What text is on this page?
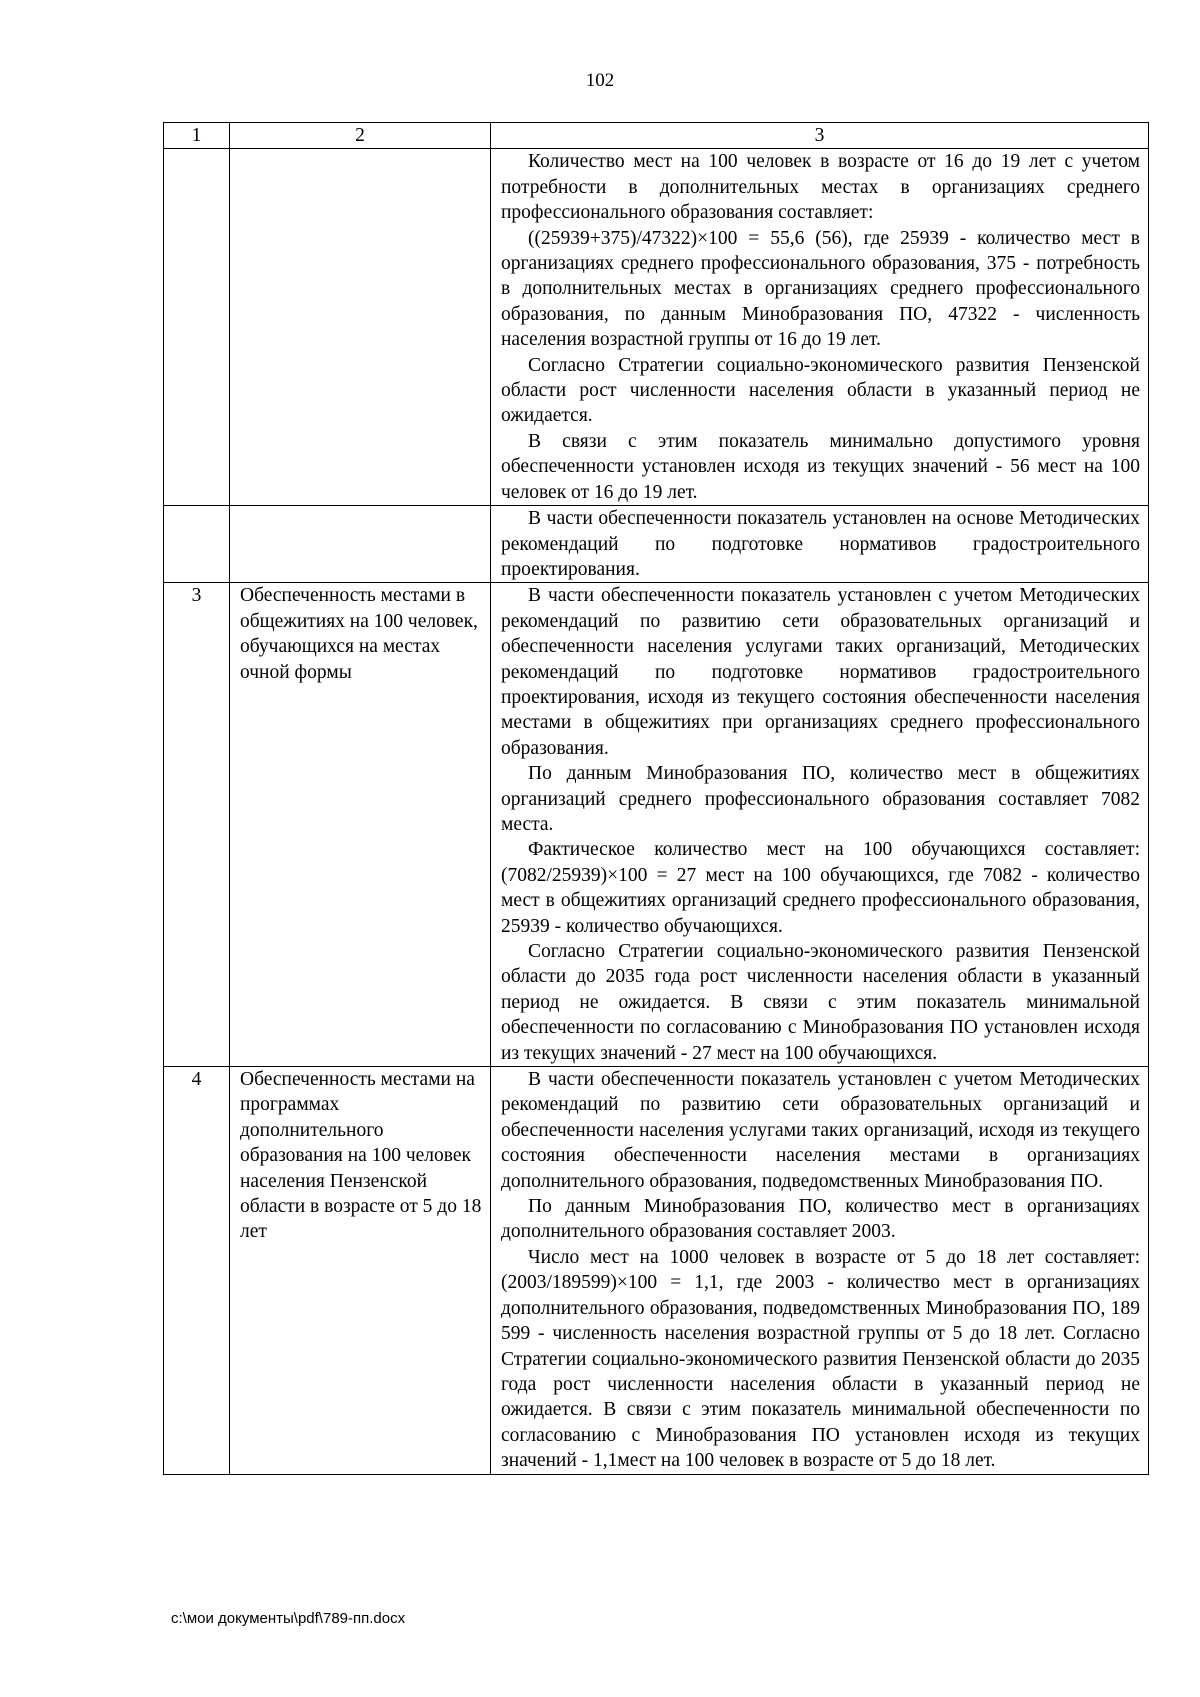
102
1	2	3

		Количество мест на 100 человек в возрасте от 16 до 19 лет с учетом потребности в дополнительных местах в организациях среднего профессионального образования составляет:

((25939+375)/47322)×100 = 55,6 (56), где 25939 - количество мест в организациях среднего профессионального образования, 375 - потребность в дополнительных местах в организациях среднего профессионального образования, по данным Минобразования ПО, 47322 - численность населения возрастной группы от 16 до 19 лет.

Согласно Стратегии социально-экономического развития Пензенской области рост численности населения области в указанный период не ожидается.

В связи с этим показатель минимально допустимого уровня обеспеченности установлен исходя из текущих значений - 56 мест на 100 человек от 16 до 19 лет.

		В части обеспеченности показатель установлен на основе Методических рекомендаций по подготовке нормативов градостроительного проектирования.

3	Обеспеченность местами в общежитиях на 100 человек, обучающихся на местах очной формы	В части обеспеченности показатель установлен с учетом Методических рекомендаций по развитию сети образовательных организаций и обеспеченности населения услугами таких организаций, Методических рекомендаций по подготовке нормативов градостроительного проектирования, исходя из текущего состояния обеспеченности населения местами в общежитиях при организациях среднего профессионального образования.

По данным Минобразования ПО, количество мест в общежитиях организаций среднего профессионального образования составляет 7082 места.

Фактическое количество мест на 100 обучающихся составляет: (7082/25939)×100 = 27 мест на 100 обучающихся, где 7082 - количество мест в общежитиях организаций среднего профессионального образования, 25939 - количество обучающихся.

Согласно Стратегии социально-экономического развития Пензенской области до 2035 года рост численности населения области в указанный период не ожидается. В связи с этим показатель минимальной обеспеченности по согласованию с Минобразования ПО установлен исходя из текущих значений - 27 мест на 100 обучающихся.

4	Обеспеченность местами на программах дополнительного образования на 100 человек населения Пензенской области в возрасте от 5 до 18 лет	В части обеспеченности показатель установлен с учетом Методических рекомендаций по развитию сети образовательных организаций и обеспеченности населения услугами таких организаций, исходя из текущего состояния обеспеченности населения местами в организациях дополнительного образования, подведомственных Минобразования ПО.

По данным Минобразования ПО, количество мест в организациях дополнительного образования составляет 2003.

Число мест на 1000 человек в возрасте от 5 до 18 лет составляет: (2003/189599)×100 = 1,1, где 2003 - количество мест в организациях дополнительного образования, подведомственных Минобразования ПО, 189 599 - численность населения возрастной группы от 5 до 18 лет. Согласно Стратегии социально-экономического развития Пензенской области до 2035 года рост численности населения области в указанный период не ожидается. В связи с этим показатель минимальной обеспеченности по согласованию с Минобразования ПО установлен исходя из текущих значений - 1,1мест на 100 человек в возрасте от 5 до 18 лет.

c:\мои документы\pdf\789-пп.docx
